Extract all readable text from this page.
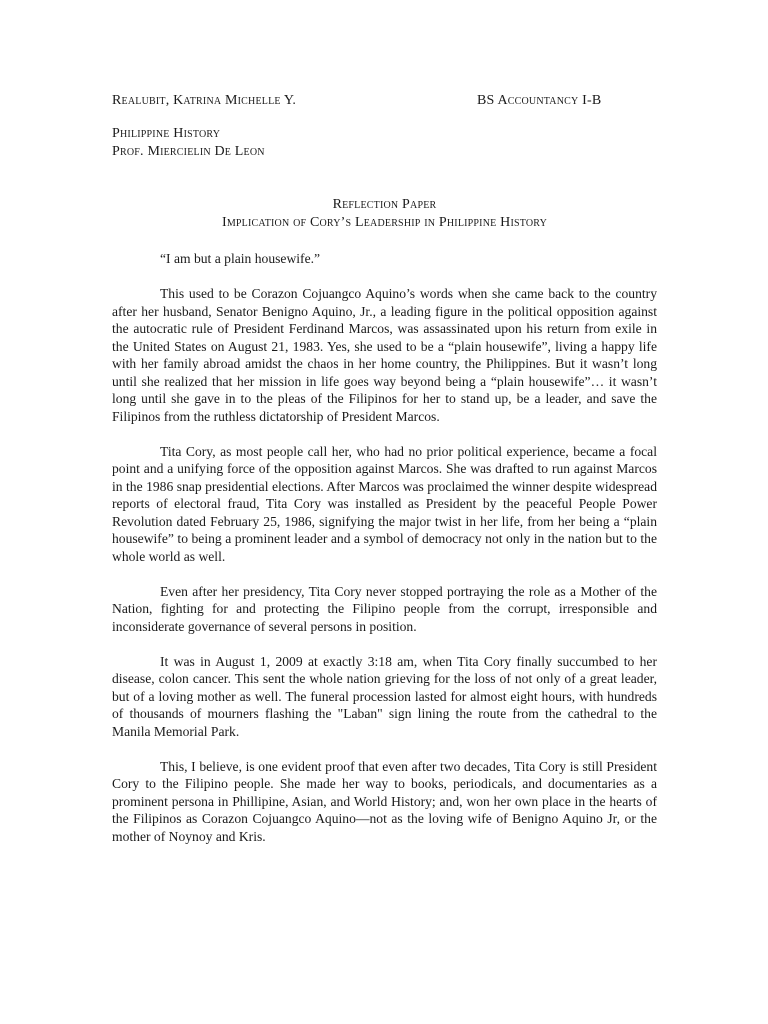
Realubit, Katrina Michelle Y.	BS Accountancy I-B
Philippine History
Prof. Miercielin De Leon
Reflection Paper
Implication of Cory’s Leadership in Philippine History

“I am but a plain housewife.”

This used to be Corazon Cojuangco Aquino’s words when she came back to the country after her husband, Senator Benigno Aquino, Jr., a leading figure in the political opposition against the autocratic rule of President Ferdinand Marcos, was assassinated upon his return from exile in the United States on August 21, 1983. Yes, she used to be a “plain housewife”, living a happy life with her family abroad amidst the chaos in her home country, the Philippines. But it wasn’t long until she realized that her mission in life goes way beyond being a “plain housewife”… it wasn’t long until she gave in to the pleas of the Filipinos for her to stand up, be a leader, and save the Filipinos from the ruthless dictatorship of President Marcos.

Tita Cory, as most people call her, who had no prior political experience, became a focal point and a unifying force of the opposition against Marcos. She was drafted to run against Marcos in the 1986 snap presidential elections. After Marcos was proclaimed the winner despite widespread reports of electoral fraud, Tita Cory was installed as President by the peaceful People Power Revolution dated February 25, 1986, signifying the major twist in her life, from her being a “plain housewife” to being a prominent leader and a symbol of democracy not only in the nation but to the whole world as well.

Even after her presidency, Tita Cory never stopped portraying the role as a Mother of the Nation, fighting for and protecting the Filipino people from the corrupt, irresponsible and inconsiderate governance of several persons in position.

It was in August 1, 2009 at exactly 3:18 am, when Tita Cory finally succumbed to her disease, colon cancer. This sent the whole nation grieving for the loss of not only of a great leader, but of a loving mother as well. The funeral procession lasted for almost eight hours, with hundreds of thousands of mourners flashing the "Laban" sign lining the route from the cathedral to the Manila Memorial Park.

This, I believe, is one evident proof that even after two decades, Tita Cory is still President Cory to the Filipino people. She made her way to books, periodicals, and documentaries as a prominent persona in Phillipine, Asian, and World History; and, won her own place in the hearts of the Filipinos as Corazon Cojuangco Aquino—not as the loving wife of Benigno Aquino Jr, or the mother of Noynoy and Kris.
